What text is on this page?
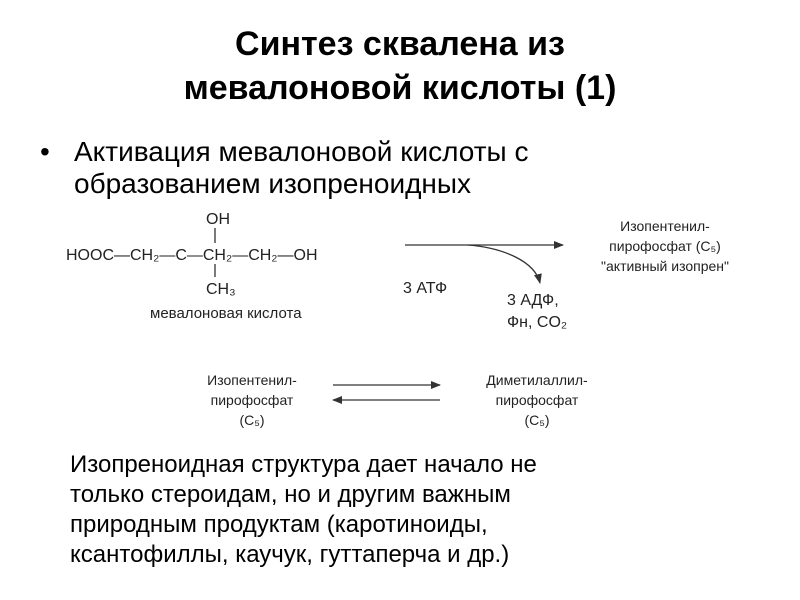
Синтез сквалена из
мевалоновой кислоты (1)
• Активация мевалоновой кислоты с
образованием изопреноидных
OH
HOOC—CH₂—C—CH₂—CH₂—OH
CH₃
мевалоновая кислота
3 АТФ
3 АДФ,
Фн, CO₂
Изопентенил-
пирофосфат (C₅)
"активный изопрен"
Изопентенил-
пирофосфат
(C₅)
Диметилаллил-
пирофосфат
(C₅)
Изопреноидная структура дает начало не
только стероидам, но и другим важным
природным продуктам (каротиноиды,
ксантофиллы, каучук, гуттаперча и др.)
